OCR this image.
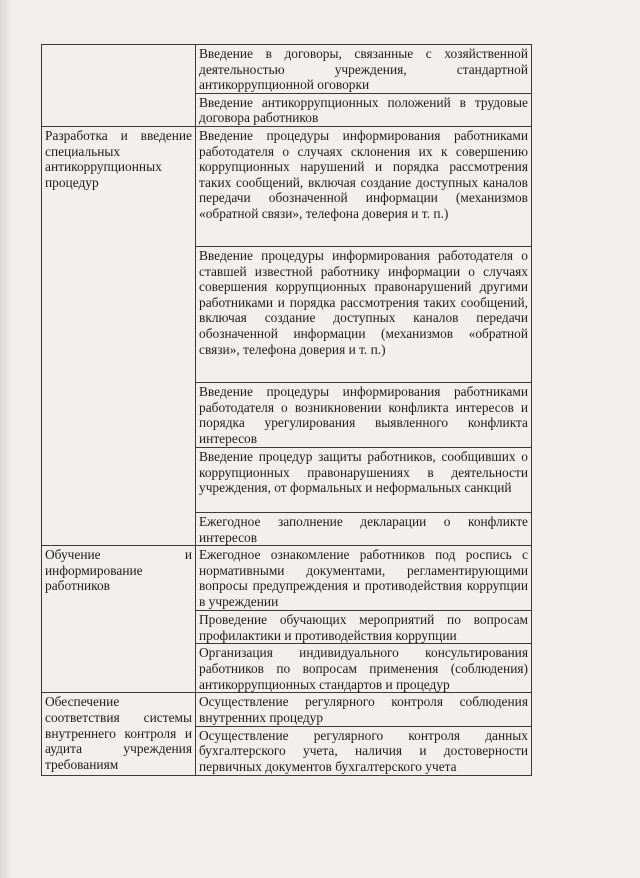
	Введение в договоры, связанные с хозяйственной деятельностью учреждения, стандартной антикоррупционной оговорки
	Введение антикоррупционных положений в трудовые договора работников
Разработка и введение специальных антикоррупционных процедур	Введение процедуры информирования работниками работодателя о случаях склонения их к совершению коррупционных нарушений и порядка рассмотрения таких сообщений, включая создание доступных каналов передачи обозначенной информации (механизмов «обратной связи», телефона доверия и т. п.)
	Введение процедуры информирования работодателя о ставшей известной работнику информации о случаях совершения коррупционных правонарушений другими работниками и порядка рассмотрения таких сообщений, включая создание доступных каналов передачи обозначенной информации (механизмов «обратной связи», телефона доверия и т. п.)
	Введение процедуры информирования работниками работодателя о возникновении конфликта интересов и порядка урегулирования выявленного конфликта интересов
	Введение процедур защиты работников, сообщивших о коррупционных правонарушениях в деятельности учреждения, от формальных и неформальных санкций
	Ежегодное заполнение декларации о конфликте интересов
Обучение и информирование работников	Ежегодное ознакомление работников под роспись с нормативными документами, регламентирующими вопросы предупреждения и противодействия коррупции в учреждении
	Проведение обучающих мероприятий по вопросам профилактики и противодействия коррупции
	Организация индивидуального консультирования работников по вопросам применения (соблюдения) антикоррупционных стандартов и процедур
Обеспечение соответствия системы внутреннего контроля и аудита учреждения требованиям	Осуществление регулярного контроля соблюдения внутренних процедур
	Осуществление регулярного контроля данных бухгалтерского учета, наличия и достоверности первичных документов бухгалтерского учета
